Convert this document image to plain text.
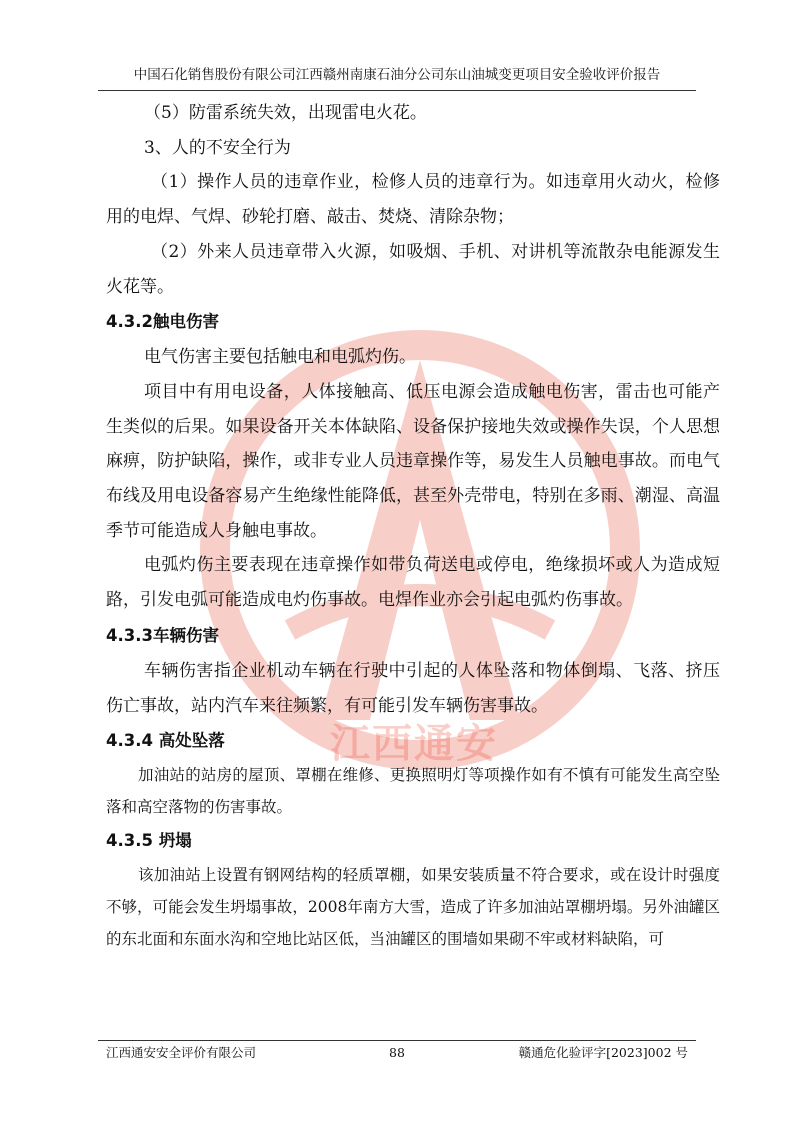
中国石化销售股份有限公司江西赣州南康石油分公司东山油城变更项目安全验收评价报告
江西通安

（5）防雷系统失效，出现雷电火花。

3、人的不安全行为

（1）操作人员的违章作业，检修人员的违章行为。如违章用火动火，检修用的电焊、气焊、砂轮打磨、敲击、焚烧、清除杂物；

（2）外来人员违章带入火源，如吸烟、手机、对讲机等流散杂电能源发生火花等。

4.3.2触电伤害

电气伤害主要包括触电和电弧灼伤。

项目中有用电设备，人体接触高、低压电源会造成触电伤害，雷击也可能产生类似的后果。如果设备开关本体缺陷、设备保护接地失效或操作失误，个人思想麻痹，防护缺陷，操作，或非专业人员违章操作等，易发生人员触电事故。而电气布线及用电设备容易产生绝缘性能降低，甚至外壳带电，特别在多雨、潮湿、高温季节可能造成人身触电事故。

电弧灼伤主要表现在违章操作如带负荷送电或停电，绝缘损坏或人为造成短路，引发电弧可能造成电灼伤事故。电焊作业亦会引起电弧灼伤事故。

4.3.3车辆伤害

车辆伤害指企业机动车辆在行驶中引起的人体坠落和物体倒塌、飞落、挤压伤亡事故，站内汽车来往频繁，有可能引发车辆伤害事故。

4.3.4 高处坠落

加油站的站房的屋顶、罩棚在维修、更换照明灯等项操作如有不慎有可能发生高空坠落和高空落物的伤害事故。

4.3.5 坍塌

该加油站上设置有钢网结构的轻质罩棚，如果安装质量不符合要求，或在设计时强度不够，可能会发生坍塌事故，2008年南方大雪，造成了许多加油站罩棚坍塌。另外油罐区的东北面和东面水沟和空地比站区低，当油罐区的围墙如果砌不牢或材料缺陷，可

江西通安安全评价有限公司	88	赣通危化验评字[2023]002 号
